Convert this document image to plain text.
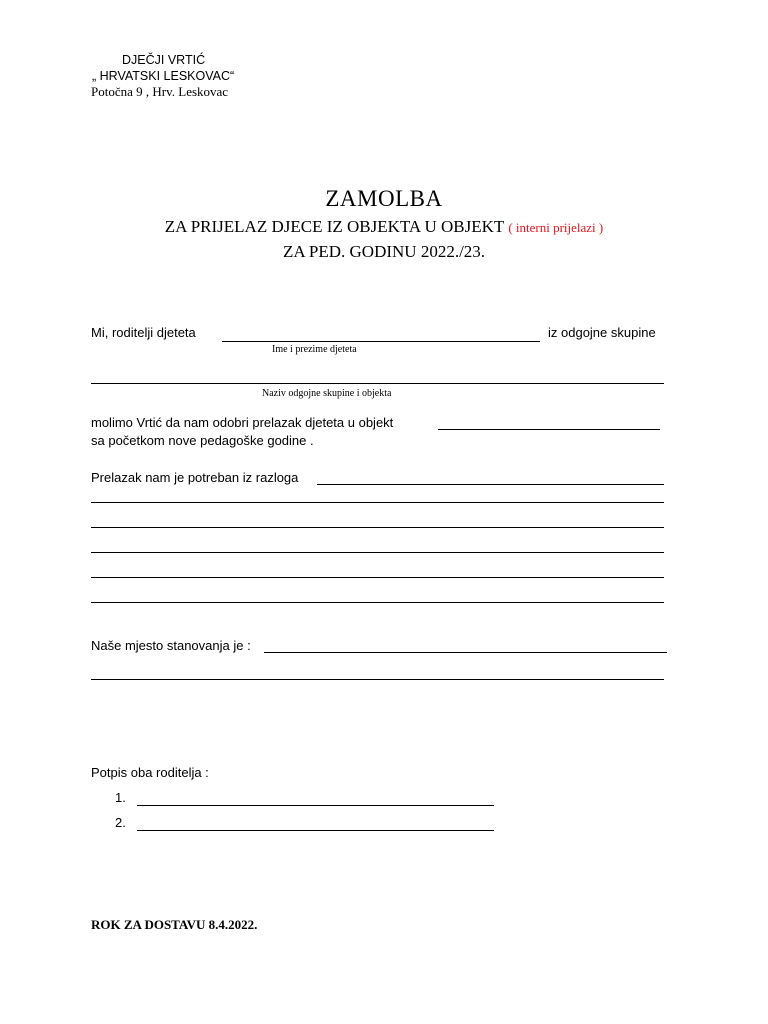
DJEČJI VRTIĆ
„ HRVATSKI LESKOVAC“
Potočna 9 , Hrv. Leskovac
ZAMOLBA
ZA PRIJELAZ DJECE IZ OBJEKTA U OBJEKT ( interni prijelazi )
ZA PED. GODINU 2022./23.
Mi, roditelji djeteta	iz odgojne skupine
Ime i prezime djeteta
Naziv odgojne skupine i objekta
molimo Vrtić da nam odobri prelazak djeteta u objekt
sa početkom nove pedagoške godine .
Prelazak nam je potreban iz razloga
Naše mjesto stanovanja je :
Potpis oba roditelja :
1.
2.
ROK ZA DOSTAVU 8.4.2022.
